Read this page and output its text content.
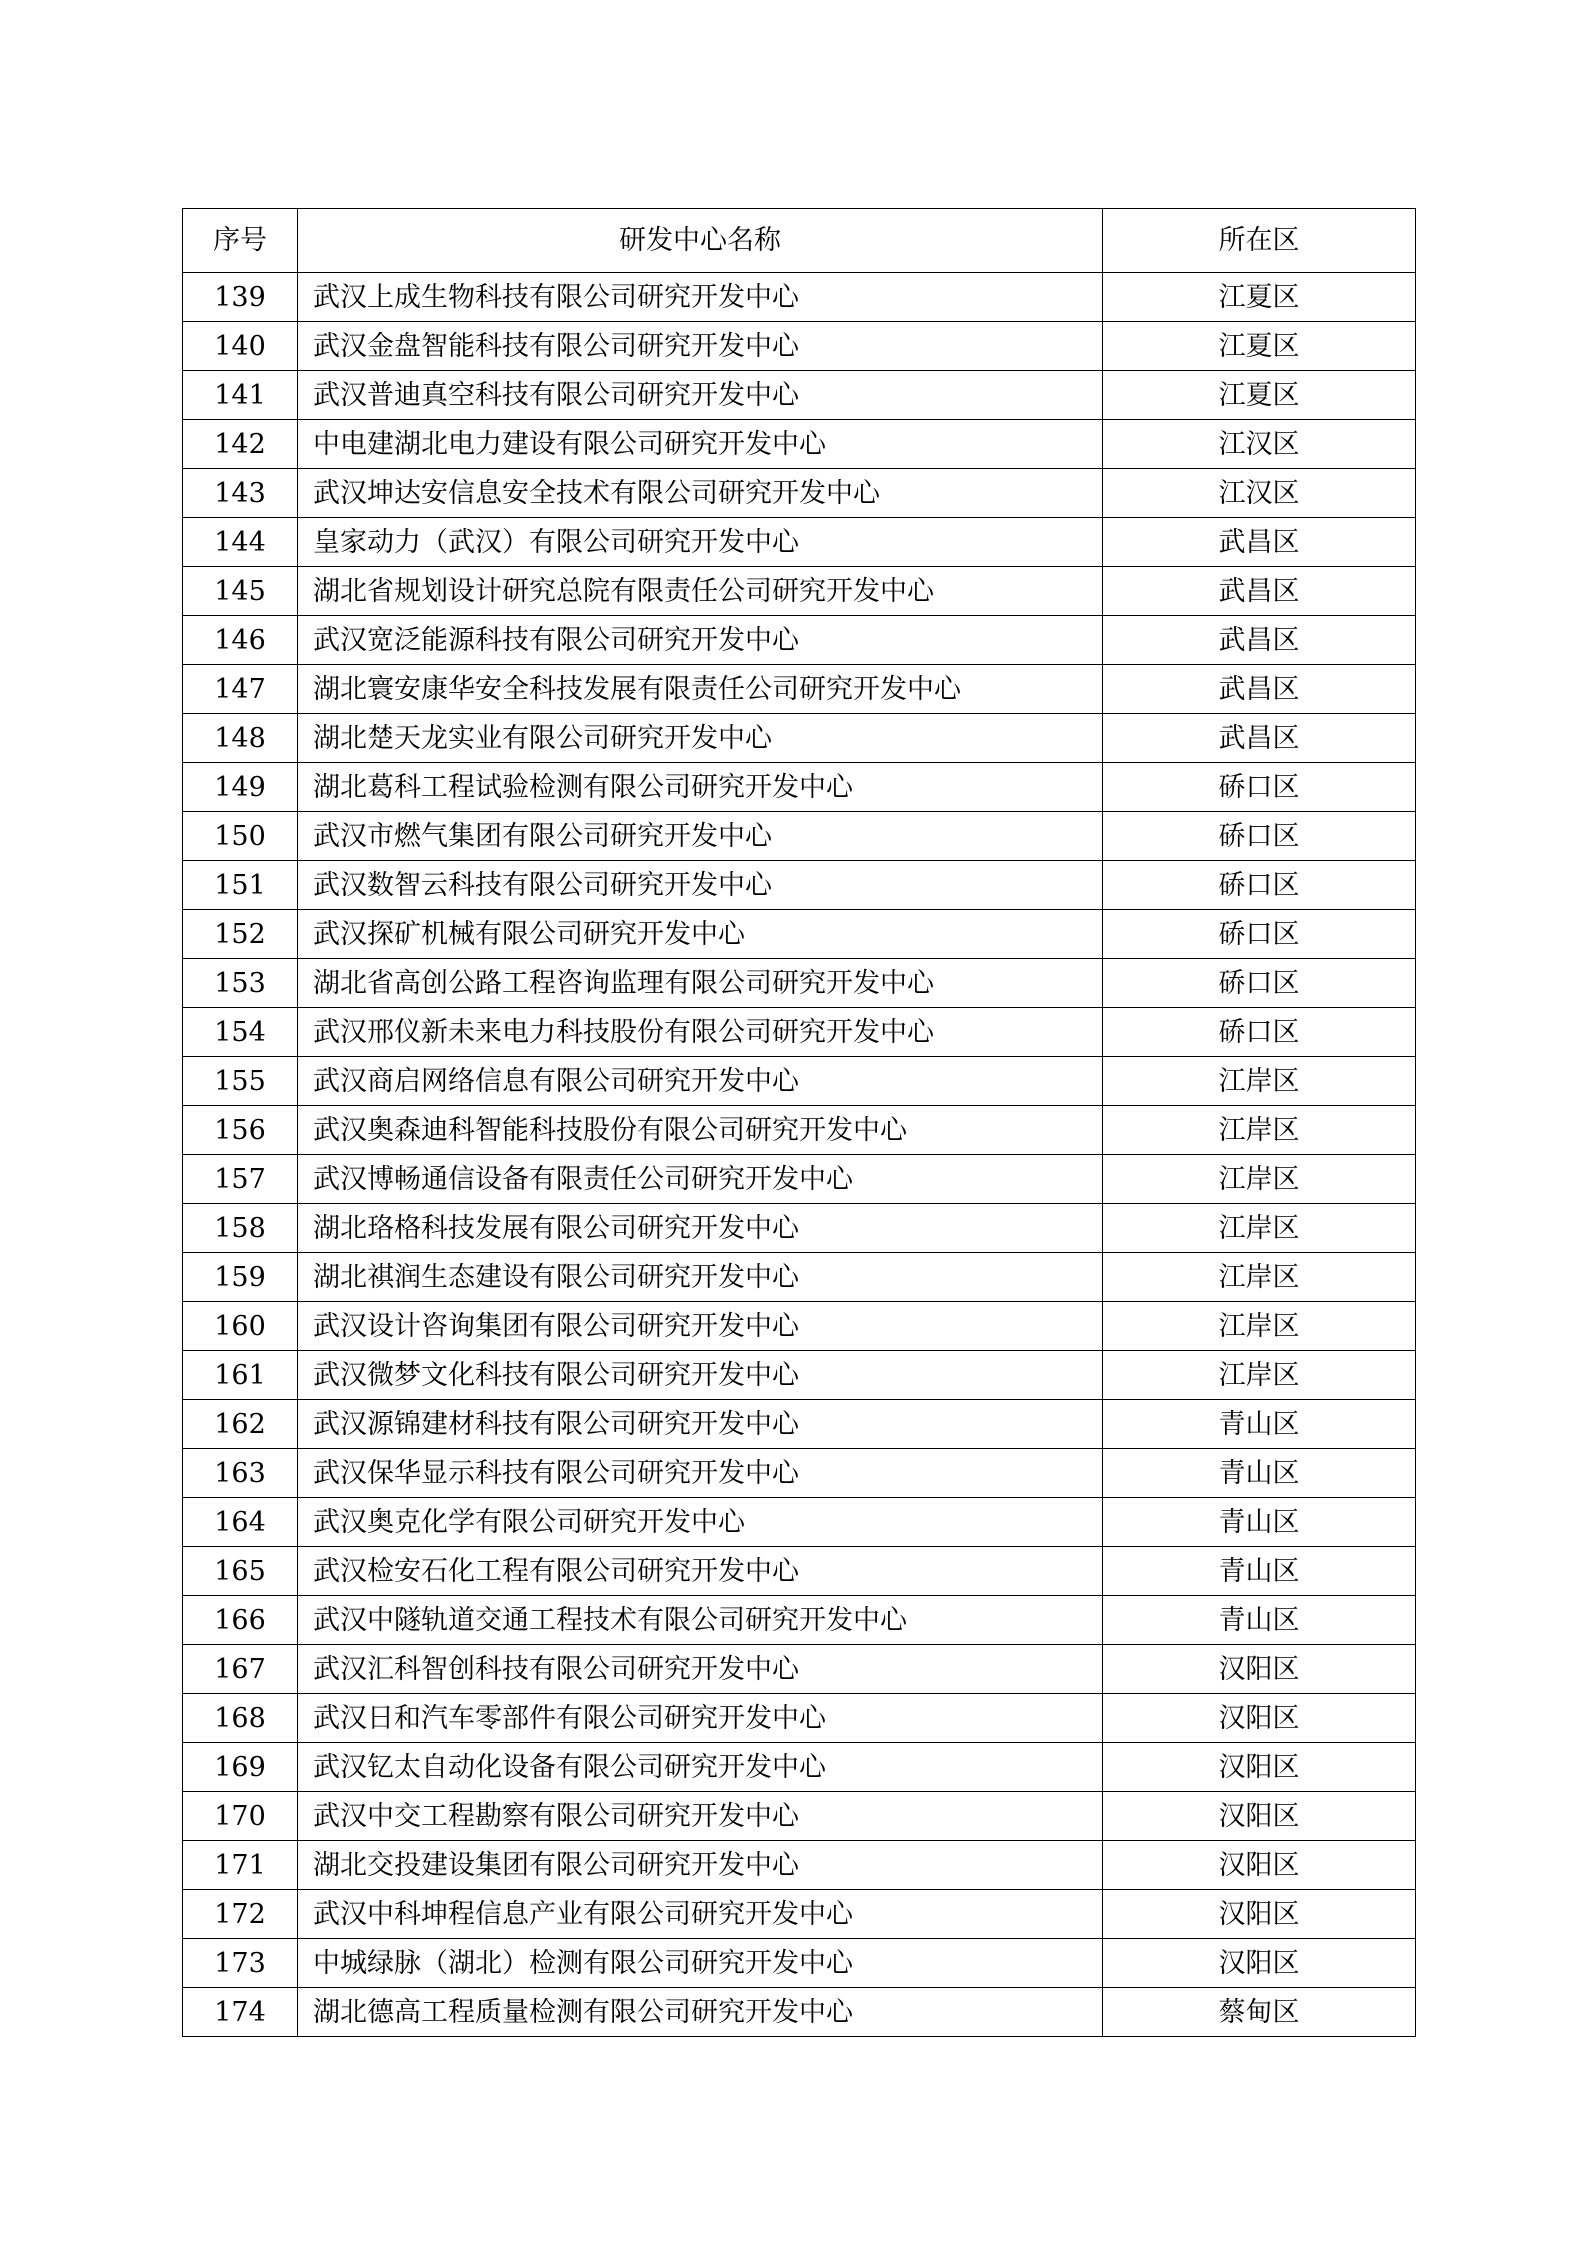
序号	研发中心名称	所在区
139	武汉上成生物科技有限公司研究开发中心	江夏区
140	武汉金盘智能科技有限公司研究开发中心	江夏区
141	武汉普迪真空科技有限公司研究开发中心	江夏区
142	中电建湖北电力建设有限公司研究开发中心	江汉区
143	武汉坤达安信息安全技术有限公司研究开发中心	江汉区
144	皇家动力（武汉）有限公司研究开发中心	武昌区
145	湖北省规划设计研究总院有限责任公司研究开发中心	武昌区
146	武汉宽泛能源科技有限公司研究开发中心	武昌区
147	湖北寰安康华安全科技发展有限责任公司研究开发中心	武昌区
148	湖北楚天龙实业有限公司研究开发中心	武昌区
149	湖北葛科工程试验检测有限公司研究开发中心	硚口区
150	武汉市燃气集团有限公司研究开发中心	硚口区
151	武汉数智云科技有限公司研究开发中心	硚口区
152	武汉探矿机械有限公司研究开发中心	硚口区
153	湖北省高创公路工程咨询监理有限公司研究开发中心	硚口区
154	武汉邢仪新未来电力科技股份有限公司研究开发中心	硚口区
155	武汉商启网络信息有限公司研究开发中心	江岸区
156	武汉奥森迪科智能科技股份有限公司研究开发中心	江岸区
157	武汉博畅通信设备有限责任公司研究开发中心	江岸区
158	湖北珞格科技发展有限公司研究开发中心	江岸区
159	湖北祺润生态建设有限公司研究开发中心	江岸区
160	武汉设计咨询集团有限公司研究开发中心	江岸区
161	武汉微梦文化科技有限公司研究开发中心	江岸区
162	武汉源锦建材科技有限公司研究开发中心	青山区
163	武汉保华显示科技有限公司研究开发中心	青山区
164	武汉奥克化学有限公司研究开发中心	青山区
165	武汉检安石化工程有限公司研究开发中心	青山区
166	武汉中隧轨道交通工程技术有限公司研究开发中心	青山区
167	武汉汇科智创科技有限公司研究开发中心	汉阳区
168	武汉日和汽车零部件有限公司研究开发中心	汉阳区
169	武汉钇太自动化设备有限公司研究开发中心	汉阳区
170	武汉中交工程勘察有限公司研究开发中心	汉阳区
171	湖北交投建设集团有限公司研究开发中心	汉阳区
172	武汉中科坤程信息产业有限公司研究开发中心	汉阳区
173	中城绿脉（湖北）检测有限公司研究开发中心	汉阳区
174	湖北德高工程质量检测有限公司研究开发中心	蔡甸区
